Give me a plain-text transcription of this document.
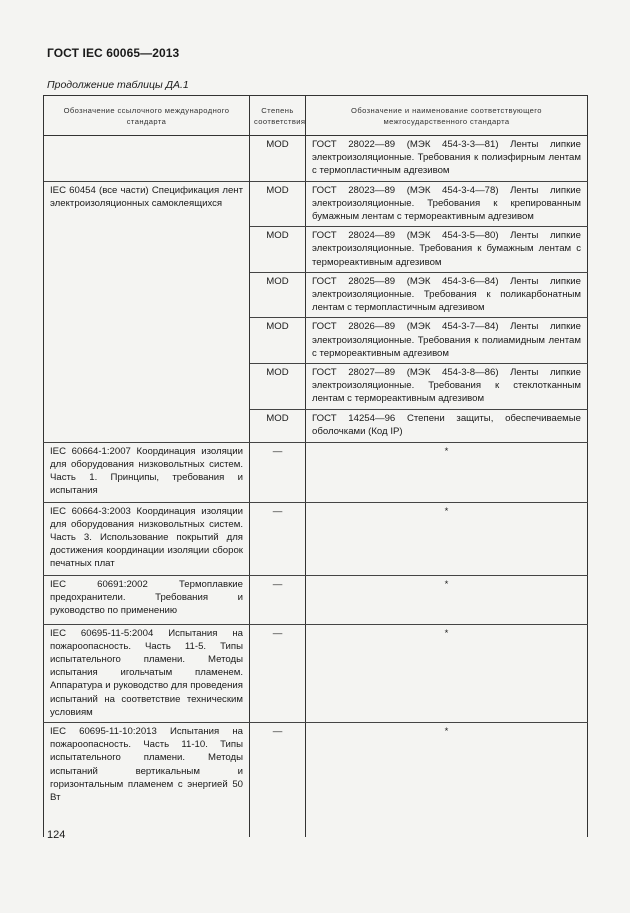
ГОСТ IEC 60065—2013
Продолжение таблицы ДА.1
Обозначение ссылочного международного стандарта	Степень соответствия	Обозначение и наименование соответствующего межгосударственного стандарта
	MOD	ГОСТ 28022—89 (МЭК 454-3-3—81) Ленты липкие электроизоляционные. Требования к полиэфирным лентам с термопластичным адгезивом
IEC 60454 (все части) Спецификация лент электроизоляционных самоклеящихся	MOD	ГОСТ 28023—89 (МЭК 454-3-4—78) Ленты липкие электроизоляционные. Требования к крепированным бумажным лентам с термореактивным адгезивом
	MOD	ГОСТ 28024—89 (МЭК 454-3-5—80) Ленты липкие электроизоляционные. Требования к бумажным лентам с термореактивным адгезивом
	MOD	ГОСТ 28025—89 (МЭК 454-3-6—84) Ленты липкие электроизоляционные. Требования к поликарбонатным лентам с термопластичным адгезивом
	MOD	ГОСТ 28026—89 (МЭК 454-3-7—84) Ленты липкие электроизоляционные. Требования к полиамидным лентам с термореактивным адгезивом
	MOD	ГОСТ 28027—89 (МЭК 454-3-8—86) Ленты липкие электроизоляционные. Требования к стеклотканным лентам с термореактивным адгезивом
	MOD	ГОСТ 14254—96 Степени защиты, обеспечиваемые оболочками (Код IP)
IEC 60664-1:2007 Координация изоляции для оборудования низковольтных систем. Часть 1. Принципы, требования и испытания	—	*
IEC 60664-3:2003 Координация изоляции для оборудования низковольтных систем. Часть 3. Использование покрытий для достижения координации изоляции сборок печатных плат	—	*
IEC 60691:2002 Термоплавкие предохранители. Требования и руководство по применению	—	*
IEC 60695-11-5:2004 Испытания на пожароопасность. Часть 11-5. Типы испытательного пламени. Методы испытания игольчатым пламенем. Аппаратура и руководство для проведения испытаний на соответствие техническим условиям	—	*
IEC 60695-11-10:2013 Испытания на пожароопасность. Часть 11-10. Типы испытательного пламени. Методы испытаний вертикальным и горизонтальным пламенем с энергией 50 Вт	—	*
124
